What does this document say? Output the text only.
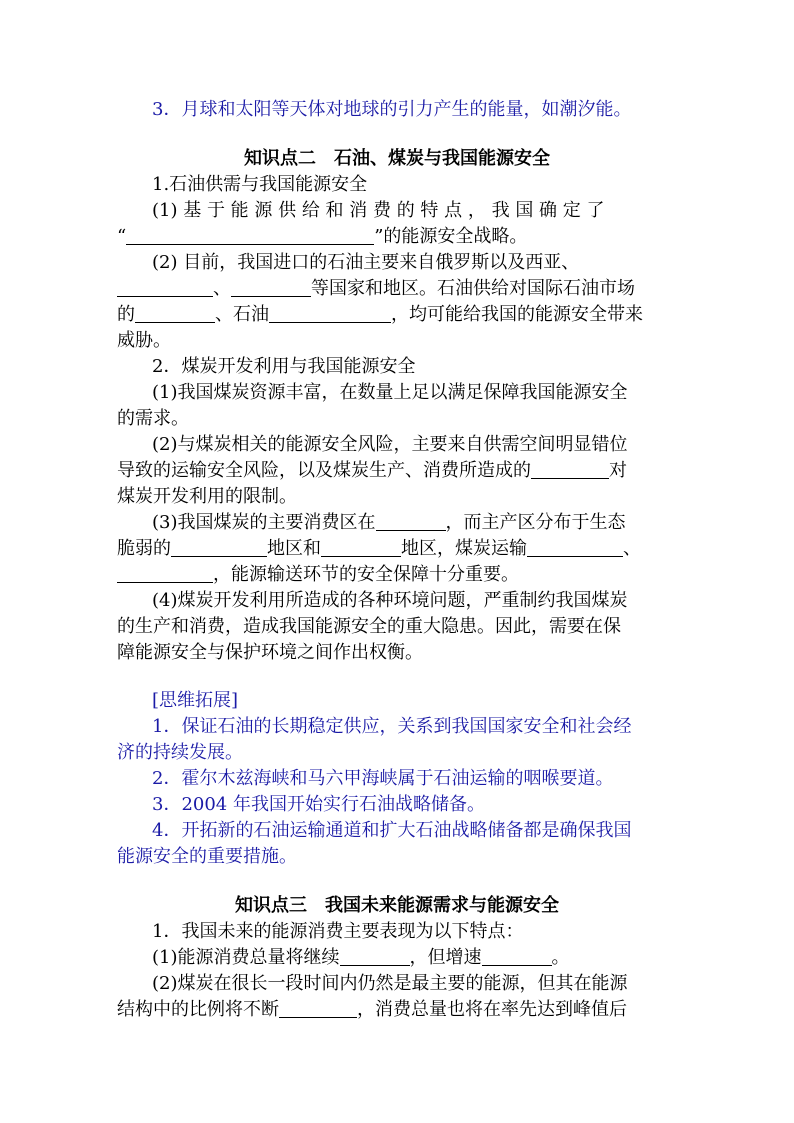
3．月球和太阳等天体对地球的引力产生的能量，如潮汐能。
知识点二　石油、煤炭与我国能源安全
1.石油供需与我国能源安全
(1) 基 于 能 源 供 给 和 消 费 的 特 点 ， 我 国 确 定 了
“	”的能源安全战略。
(2) 目前，我国进口的石油主要来自俄罗斯以及西亚、
、	等国家和地区。石油供给对国际石油市场
的	、石油	，均可能给我国的能源安全带来
威胁。
2．煤炭开发利用与我国能源安全
(1)我国煤炭资源丰富，在数量上足以满足保障我国能源安全
的需求。
(2)与煤炭相关的能源安全风险，主要来自供需空间明显错位
导致的运输安全风险，以及煤炭生产、消费所造成的	对
煤炭开发利用的限制。
(3)我国煤炭的主要消费区在	，而主产区分布于生态
脆弱的	地区和	地区，煤炭运输	、
，能源输送环节的安全保障十分重要。
(4)煤炭开发利用所造成的各种环境问题，严重制约我国煤炭
的生产和消费，造成我国能源安全的重大隐患。因此，需要在保
障能源安全与保护环境之间作出权衡。
[思维拓展]
1．保证石油的长期稳定供应，关系到我国国家安全和社会经
济的持续发展。
2．霍尔木兹海峡和马六甲海峡属于石油运输的咽喉要道。
3．2004 年我国开始实行石油战略储备。
4．开拓新的石油运输通道和扩大石油战略储备都是确保我国
能源安全的重要措施。
知识点三　我国未来能源需求与能源安全
1．我国未来的能源消费主要表现为以下特点：
(1)能源消费总量将继续	，但增速	。
(2)煤炭在很长一段时间内仍然是最主要的能源，但其在能源
结构中的比例将不断	，消费总量也将在率先达到峰值后
